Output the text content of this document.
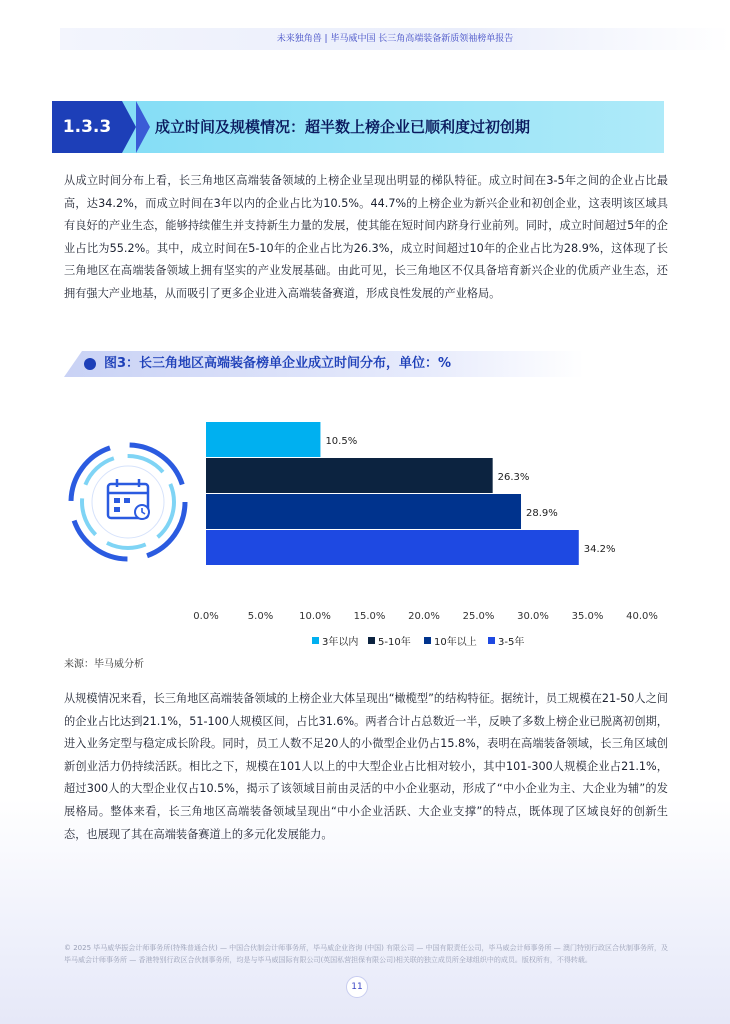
未来独角兽 | 毕马威中国 长三角高端装备新质领袖榜单报告
1.3.3	成立时间及规模情况：超半数上榜企业已顺利度过初创期

从成立时间分布上看，长三角地区高端装备领域的上榜企业呈现出明显的梯队特征。成立时间在3-5年之间的企业占比最高，达34.2%，而成立时间在3年以内的企业占比为10.5%。44.7%的上榜企业为新兴企业和初创企业，这表明该区域具有良好的产业生态，能够持续催生并支持新生力量的发展，使其能在短时间内跻身行业前列。同时，成立时间超过5年的企业占比为55.2%。其中，成立时间在5-10年的企业占比为26.3%，成立时间超过10年的企业占比为28.9%，这体现了长三角地区在高端装备领域上拥有坚实的产业发展基础。由此可见，长三角地区不仅具备培育新兴企业的优质产业生态，还拥有强大产业地基，从而吸引了更多企业进入高端装备赛道，形成良性发展的产业格局。

图3：长三角地区高端装备榜单企业成立时间分布，单位：%
10.5%
26.3%
28.9%
34.2%
0.0%	5.0%	10.0% 15.0% 20.0% 25.0% 30.0% 35.0% 40.0%
3年以内 5-10年 10年以上 3-5年
来源：毕马威分析

从规模情况来看，长三角地区高端装备领域的上榜企业大体呈现出“橄榄型”的结构特征。据统计，员工规模在21-50人之间的企业占比达到21.1%，51-100人规模区间，占比31.6%。两者合计占总数近一半，反映了多数上榜企业已脱离初创期，进入业务定型与稳定成长阶段。同时，员工人数不足20人的小微型企业仍占15.8%，表明在高端装备领域，长三角区域创新创业活力仍持续活跃。相比之下，规模在101人以上的中大型企业占比相对较小，其中101-300人规模企业占21.1%，超过300人的大型企业仅占10.5%，揭示了该领域目前由灵活的中小企业驱动，形成了“中小企业为主、大企业为辅”的发展格局。整体来看，长三角地区高端装备领域呈现出“中小企业活跃、大企业支撑”的特点，既体现了区域良好的创新生态，也展现了其在高端装备赛道上的多元化发展能力。

© 2025 毕马威华振会计师事务所(特殊普通合伙) — 中国合伙制会计师事务所，毕马威企业咨询 (中国) 有限公司 — 中国有限责任公司，毕马威会计师事务所 — 澳门特别行政区合伙制事务所，及毕马威会计师事务所 — 香港特别行政区合伙制事务所，均是与毕马威国际有限公司(英国私营担保有限公司)相关联的独立成员所全球组织中的成员。版权所有，不得转载。

11
